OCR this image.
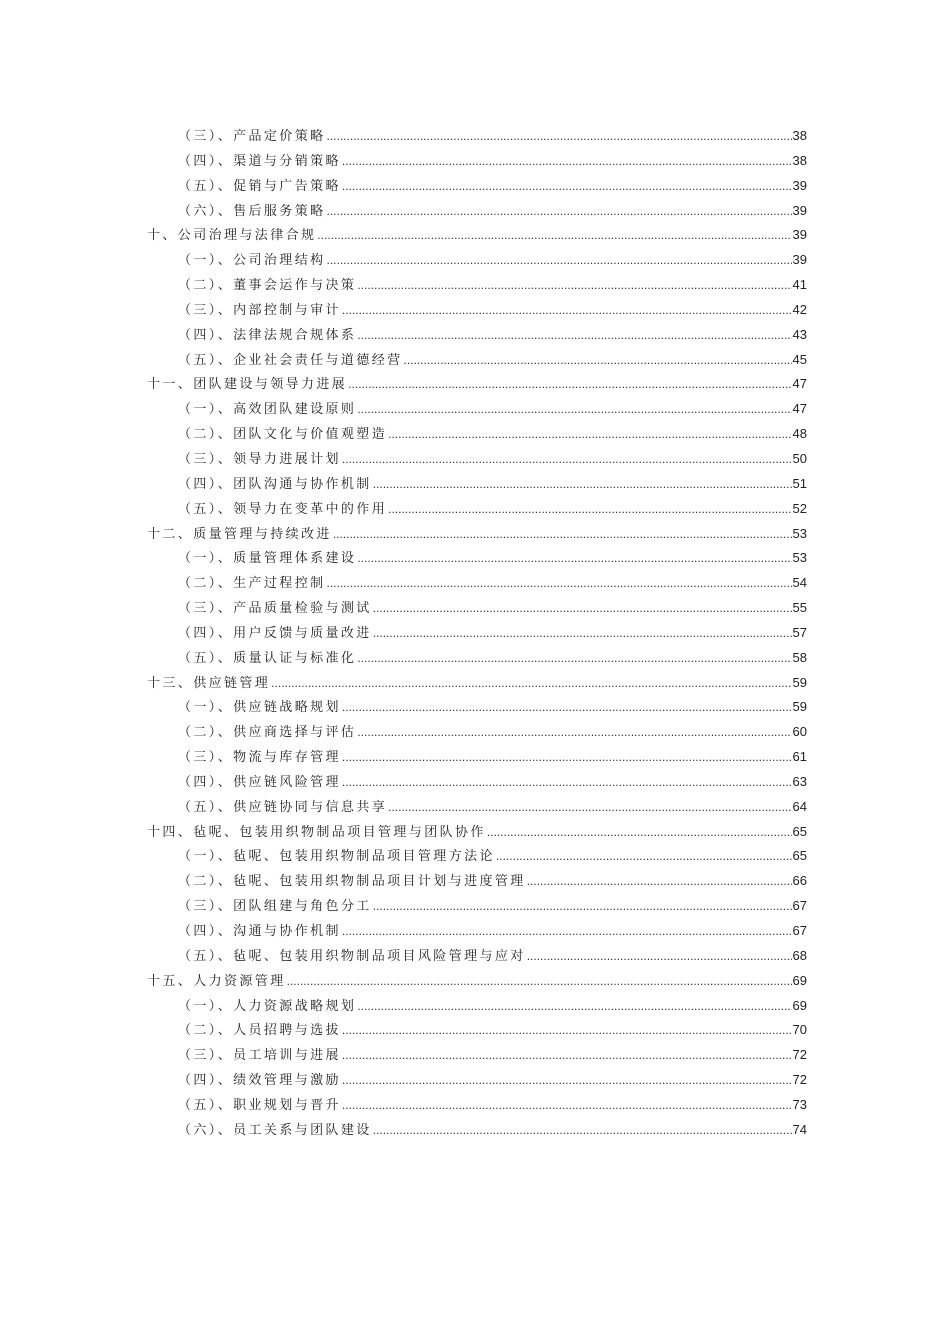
（三）、产品定价策略 .....	38
（四）、渠道与分销策略 .....	38
（五）、促销与广告策略 .....	39
（六）、售后服务策略 .....	39
十、公司治理与法律合规 .....	39
（一）、公司治理结构 .....	39
（二）、董事会运作与决策 .....	41
（三）、内部控制与审计 .....	42
（四）、法律法规合规体系 .....	43
（五）、企业社会责任与道德经营 .....	45
十一、团队建设与领导力进展 .....	47
（一）、高效团队建设原则 .....	47
（二）、团队文化与价值观塑造 .....	48
（三）、领导力进展计划 .....	50
（四）、团队沟通与协作机制 .....	51
（五）、领导力在变革中的作用 .....	52
十二、质量管理与持续改进 .....	53
（一）、质量管理体系建设 .....	53
（二）、生产过程控制 .....	54
（三）、产品质量检验与测试 .....	55
（四）、用户反馈与质量改进 .....	57
（五）、质量认证与标准化 .....	58
十三、供应链管理 .....	59
（一）、供应链战略规划 .....	59
（二）、供应商选择与评估 .....	60
（三）、物流与库存管理 .....	61
（四）、供应链风险管理 .....	63
（五）、供应链协同与信息共享 .....	64
十四、毡呢、包装用织物制品项目管理与团队协作 .....	65
（一）、毡呢、包装用织物制品项目管理方法论 .....	65
（二）、毡呢、包装用织物制品项目计划与进度管理 .....	66
（三）、团队组建与角色分工 .....	67
（四）、沟通与协作机制 .....	67
（五）、毡呢、包装用织物制品项目风险管理与应对 .....	68
十五、人力资源管理 .....	69
（一）、人力资源战略规划 .....	69
（二）、人员招聘与选拔 .....	70
（三）、员工培训与进展 .....	72
（四）、绩效管理与激励 .....	72
（五）、职业规划与晋升 .....	73
（六）、员工关系与团队建设 .....	74
